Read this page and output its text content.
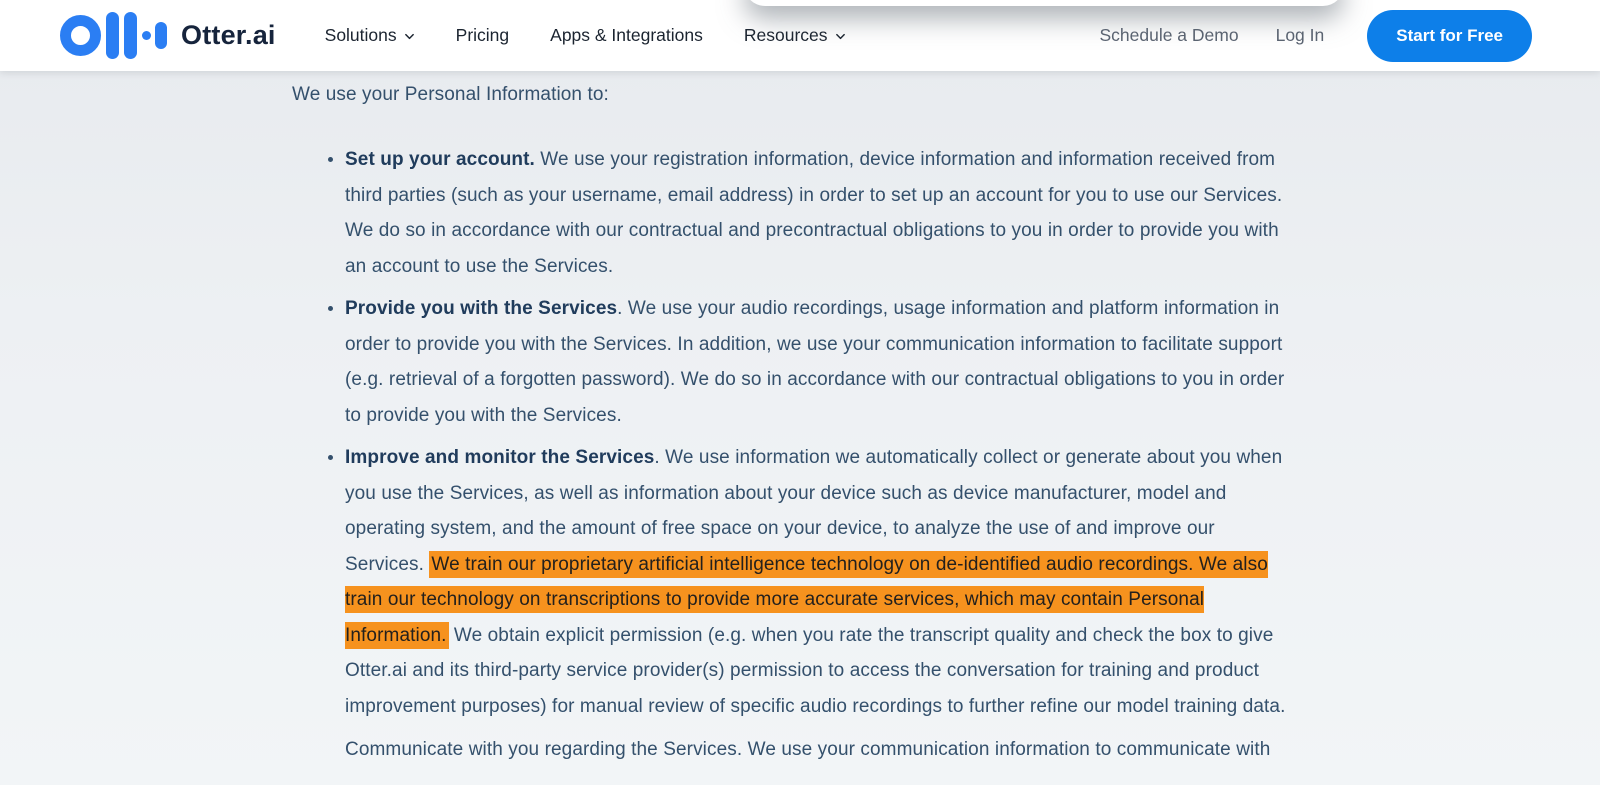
Otter.ai	Solutions	Pricing Apps & Integrations Resources	Schedule a Demo Log In	Start for Free

We use your Personal Information to:

Set up your account. We use your registration information, device information and information received from third parties (such as your username, email address) in order to set up an account for you to use our Services. We do so in accordance with our contractual and precontractual obligations to you in order to provide you with an account to use the Services.
Provide you with the Services. We use your audio recordings, usage information and platform information in order to provide you with the Services. In addition, we use your communication information to facilitate support (e.g. retrieval of a forgotten password). We do so in accordance with our contractual obligations to you in order to provide you with the Services.
Improve and monitor the Services. We use information we automatically collect or generate about you when you use the Services, as well as information about your device such as device manufacturer, model and operating system, and the amount of free space on your device, to analyze the use of and improve our Services. We train our proprietary artificial intelligence technology on de-identified audio recordings. We also train our technology on transcriptions to provide more accurate services, which may contain Personal Information. We obtain explicit permission (e.g. when you rate the transcript quality and check the box to give Otter.ai and its third-party service provider(s) permission to access the conversation for training and product improvement purposes) for manual review of specific audio recordings to further refine our model training data.
Communicate with you regarding the Services. We use your communication information to communicate with
